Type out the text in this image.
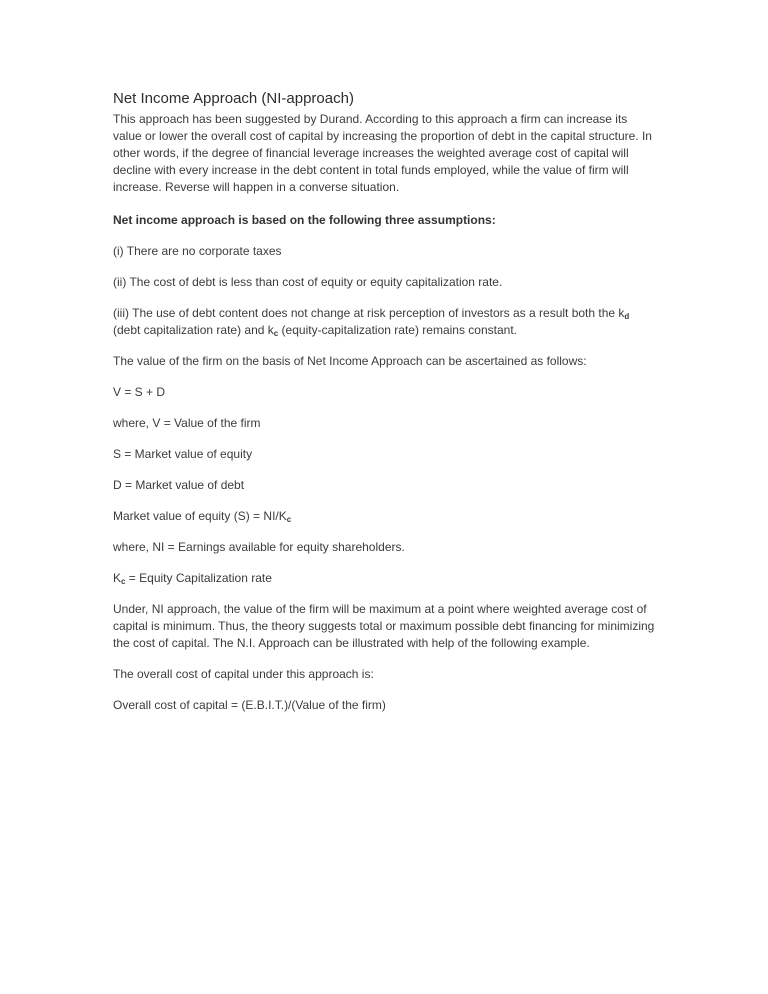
Net Income Approach (NI-approach)

This approach has been suggested by Durand. According to this approach a firm can increase its value or lower the overall cost of capital by increasing the proportion of debt in the capital structure. In other words, if the degree of financial leverage increases the weighted average cost of capital will decline with every increase in the debt content in total funds employed, while the value of firm will increase. Reverse will happen in a converse situation.

Net income approach is based on the following three assumptions:

(i) There are no corporate taxes

(ii) The cost of debt is less than cost of equity or equity capitalization rate.

(iii) The use of debt content does not change at risk perception of investors as a result both the $k_d$ (debt capitalization rate) and $k_c$ (equity-capitalization rate) remains constant.

The value of the firm on the basis of Net Income Approach can be ascertained as follows:

V = S + D

where, V = Value of the firm

S = Market value of equity

D = Market value of debt

Market value of equity $(S) = NI/K_c$

where, NI = Earnings available for equity shareholders.

$K_c$ = Equity Capitalization rate

Under, NI approach, the value of the firm will be maximum at a point where weighted average cost of capital is minimum. Thus, the theory suggests total or maximum possible debt financing for minimizing the cost of capital. The N.I. Approach can be illustrated with help of the following example.

The overall cost of capital under this approach is:

Overall cost of capital = (E.B.I.T.)/(Value of the firm)
